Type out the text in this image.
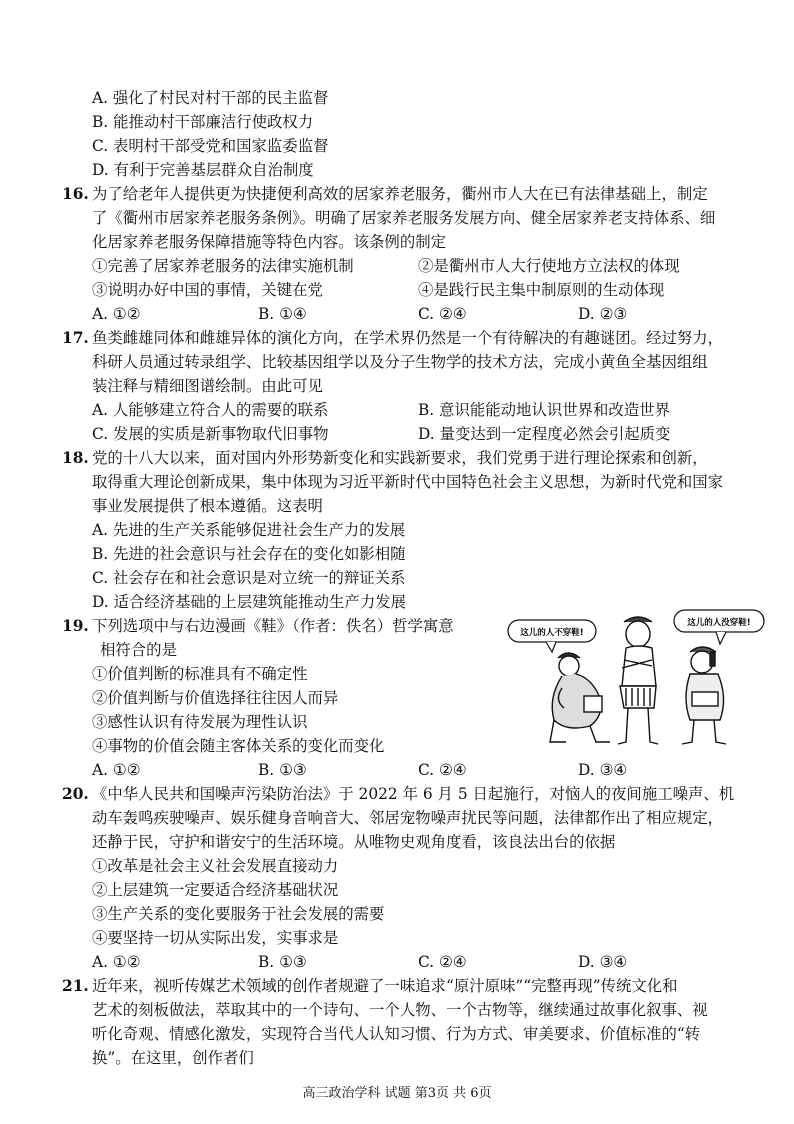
A. 强化了村民对村干部的民主监督
B. 能推动村干部廉洁行使政权力
C. 表明村干部受党和国家监委监督
D. 有利于完善基层群众自治制度
16. 为了给老年人提供更为快捷便利高效的居家养老服务，衢州市人大在已有法律基础上，制定
了《衢州市居家养老服务条例》。明确了居家养老服务发展方向、健全居家养老支持体系、细
化居家养老服务保障措施等特色内容。该条例的制定
①完善了居家养老服务的法律实施机制	②是衢州市人大行使地方立法权的体现
③说明办好中国的事情，关键在党	④是践行民主集中制原则的生动体现
A. ①②	B. ①④	C. ②④	D. ②③
17. 鱼类雌雄同体和雌雄异体的演化方向，在学术界仍然是一个有待解决的有趣谜团。经过努力，
科研人员通过转录组学、比较基因组学以及分子生物学的技术方法，完成小黄鱼全基因组组
装注释与精细图谱绘制。由此可见
A. 人能够建立符合人的需要的联系	B. 意识能能动地认识世界和改造世界
C. 发展的实质是新事物取代旧事物	D. 量变达到一定程度必然会引起质变
18. 党的十八大以来，面对国内外形势新变化和实践新要求，我们党勇于进行理论探索和创新，
取得重大理论创新成果，集中体现为习近平新时代中国特色社会主义思想，为新时代党和国家
事业发展提供了根本遵循。这表明
A. 先进的生产关系能够促进社会生产力的发展
B. 先进的社会意识与社会存在的变化如影相随
C. 社会存在和社会意识是对立统一的辩证关系
D. 适合经济基础的上层建筑能推动生产力发展
19. 下列选项中与右边漫画《鞋》（作者：佚名）哲学寓意
相符合的是
①价值判断的标准具有不确定性
②价值判断与价值选择往往因人而异
③感性认识有待发展为理性认识
④事物的价值会随主客体关系的变化而变化
A. ①②	B. ①③	C. ②④	D. ③④
这儿的人不穿鞋!
这儿的人没穿鞋!
20. 《中华人民共和国噪声污染防治法》于 2022 年 6 月 5 日起施行，对恼人的夜间施工噪声、机
动车轰鸣疾驶噪声、娱乐健身音响音大、邻居宠物噪声扰民等问题，法律都作出了相应规定，
还静于民，守护和谐安宁的生活环境。从唯物史观角度看，该良法出台的依据
①改革是社会主义社会发展直接动力
②上层建筑一定要适合经济基础状况
③生产关系的变化要服务于社会发展的需要
④要坚持一切从实际出发，实事求是
A. ①②	B. ①③	C. ②④	D. ③④
21. 近年来，视听传媒艺术领域的创作者规避了一味追求“原汁原味”“完整再现”传统文化和
艺术的刻板做法，萃取其中的一个诗句、一个人物、一个古物等，继续通过故事化叙事、视
听化奇观、情感化激发，实现符合当代人认知习惯、行为方式、审美要求、价值标准的“转
换”。在这里，创作者们
高三政治学科 试题 第3页 共 6页
